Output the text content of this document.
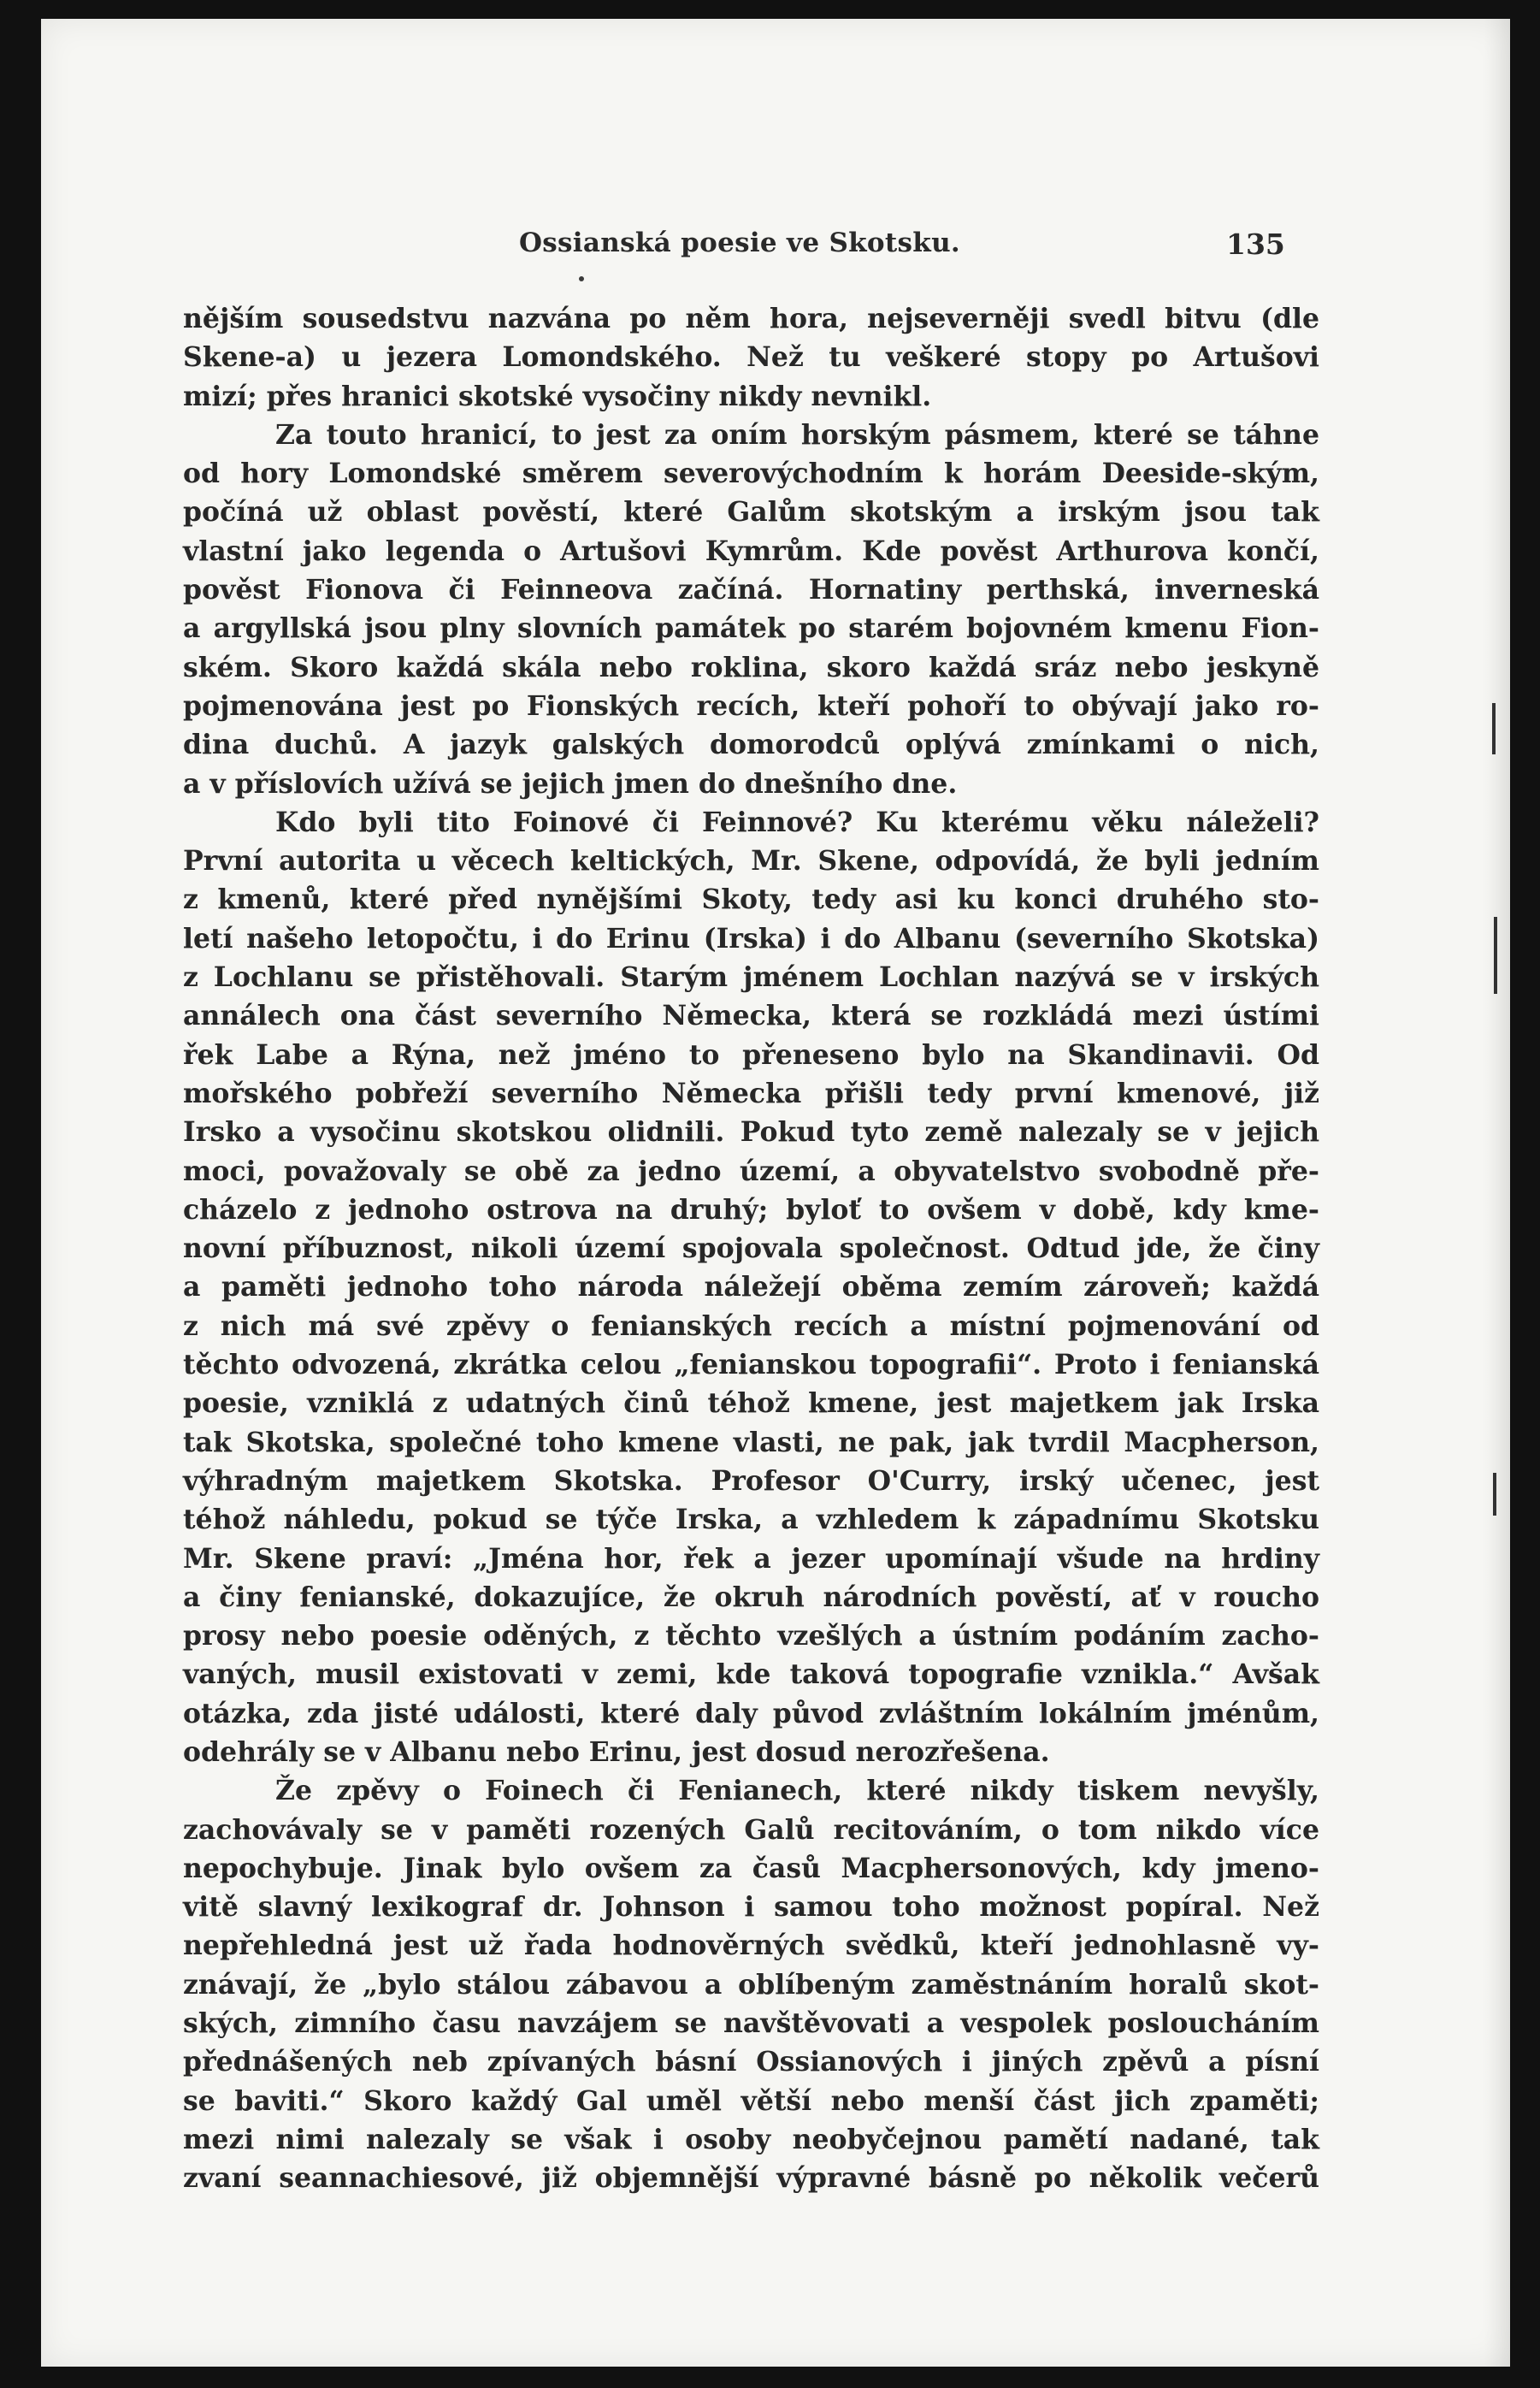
Ossianská poesie ve Skotsku.	135
nějším sousedstvu nazvána po něm hora, nejseverněji svedl bitvu (dle
Skene-a) u jezera Lomondského. Než tu veškeré stopy po Artušovi
mizí; přes hranici skotské vysočiny nikdy nevnikl.
Za touto hranicí, to jest za oním horským pásmem, které se táhne
od hory Lomondské směrem severovýchodním k horám Deeside-ským,
počíná už oblast pověstí, které Galům skotským a irským jsou tak
vlastní jako legenda o Artušovi Kymrům. Kde pověst Arthurova končí,
pověst Fionova či Feinneova začíná. Hornatiny perthská, inverneská
a argyllská jsou plny slovních památek po starém bojovném kmenu Fion-
ském. Skoro každá skála nebo roklina, skoro každá sráz nebo jeskyně
pojmenována jest po Fionských recích, kteří pohoří to obývají jako ro-
dina duchů. A jazyk galských domorodců oplývá zmínkami o nich,
a v příslovích užívá se jejich jmen do dnešního dne.
Kdo byli tito Foinové či Feinnové? Ku kterému věku náleželi?
První autorita u věcech keltických, Mr. Skene, odpovídá, že byli jedním
z kmenů, které před nynějšími Skoty, tedy asi ku konci druhého sto-
letí našeho letopočtu, i do Erinu (Irska) i do Albanu (severního Skotska)
z Lochlanu se přistěhovali. Starým jménem Lochlan nazývá se v irských
annálech ona část severního Německa, která se rozkládá mezi ústími
řek Labe a Rýna, než jméno to přeneseno bylo na Skandinavii. Od
mořského pobřeží severního Německa přišli tedy první kmenové, již
Irsko a vysočinu skotskou olidnili. Pokud tyto země nalezaly se v jejich
moci, považovaly se obě za jedno území, a obyvatelstvo svobodně pře-
cházelo z jednoho ostrova na druhý; byloť to ovšem v době, kdy kme-
novní příbuznost, nikoli území spojovala společnost. Odtud jde, že činy
a paměti jednoho toho národa náležejí oběma zemím zároveň; každá
z nich má své zpěvy o fenianských recích a místní pojmenování od
těchto odvozená, zkrátka celou „fenianskou topografii“. Proto i fenianská
poesie, vzniklá z udatných činů téhož kmene, jest majetkem jak Irska
tak Skotska, společné toho kmene vlasti, ne pak, jak tvrdil Macpherson,
výhradným majetkem Skotska. Profesor O'Curry, irský učenec, jest
téhož náhledu, pokud se týče Irska, a vzhledem k západnímu Skotsku
Mr. Skene praví: „Jména hor, řek a jezer upomínají všude na hrdiny
a činy fenianské, dokazujíce, že okruh národních pověstí, ať v roucho
prosy nebo poesie oděných, z těchto vzešlých a ústním podáním zacho-
vaných, musil existovati v zemi, kde taková topografie vznikla.“ Avšak
otázka, zda jisté události, které daly původ zvláštním lokálním jménům,
odehrály se v Albanu nebo Erinu, jest dosud nerozřešena.
Že zpěvy o Foinech či Fenianech, které nikdy tiskem nevyšly,
zachovávaly se v paměti rozených Galů recitováním, o tom nikdo více
nepochybuje. Jinak bylo ovšem za časů Macphersonových, kdy jmeno-
vitě slavný lexikograf dr. Johnson i samou toho možnost popíral. Než
nepřehledná jest už řada hodnověrných svědků, kteří jednohlasně vy-
znávají, že „bylo stálou zábavou a oblíbeným zaměstnáním horalů skot-
ských, zimního času navzájem se navštěvovati a vespolek posloucháním
přednášených neb zpívaných básní Ossianových i jiných zpěvů a písní
se baviti.“ Skoro každý Gal uměl větší nebo menší část jich zpaměti;
mezi nimi nalezaly se však i osoby neobyčejnou pamětí nadané, tak
zvaní seannachiesové, již objemnější výpravné básně po několik večerů
